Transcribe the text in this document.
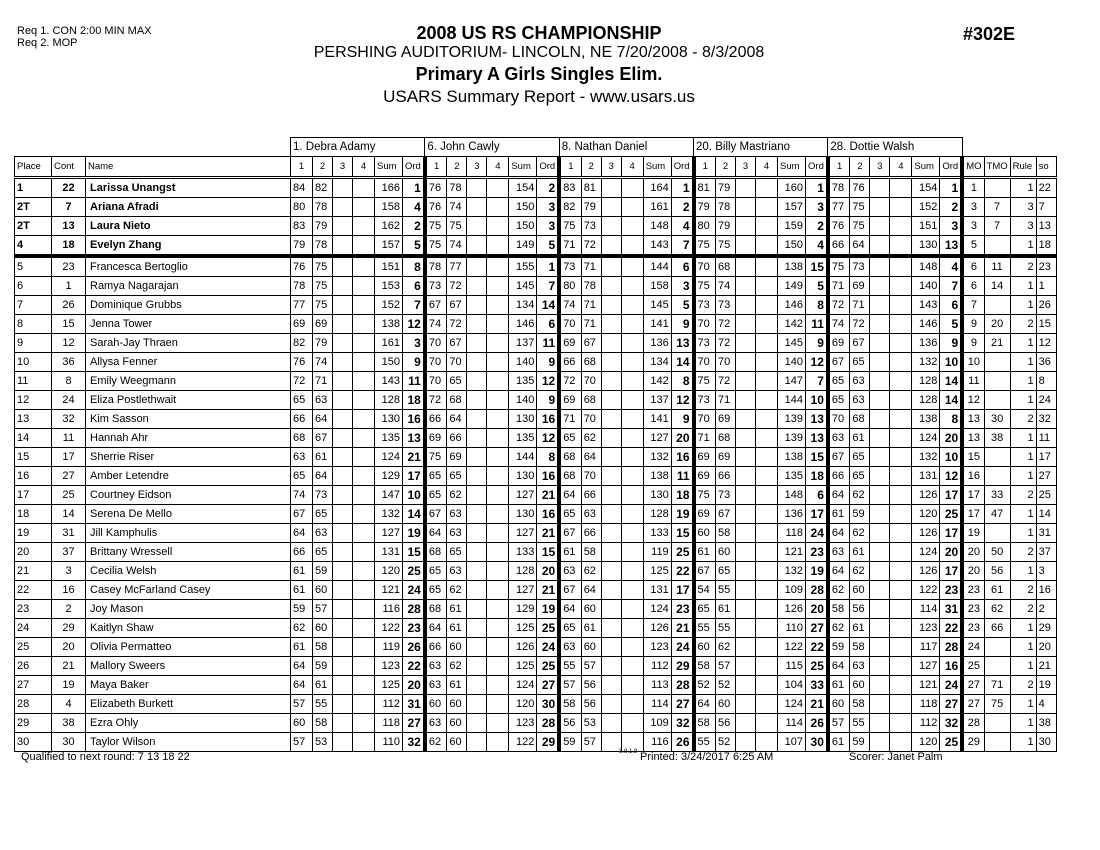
Req 1. CON 2:00 MIN MAX
Req 2. MOP	2008 US RS CHAMPIONSHIP
PERSHING AUDITORIUM- LINCOLN, NE 7/20/2008 - 8/3/2008
Primary A Girls Singles Elim.
USARS Summary Report - www.usars.us
#302E
			1. Debra Adamy						6. John Cawly						8. Nathan Daniel						20. Billy Mastriano						28. Dottie Walsh									
Place	Cont	Name	1	2	3	4	Sum	Ord	1	2	3	4	Sum	Ord	1	2	3	4	Sum	Ord	1	2	3	4	Sum	Ord	1	2	3	4	Sum	Ord	MO	TMO	Rule	so
1	22	Larissa Unangst	84	82			166	1	76	78			154	2	83	81			164	1	81	79			160	1	78	76			154	1	1		1	22
2T	7	Ariana Afradi	80	78			158	4	76	74			150	3	82	79			161	2	79	78			157	3	77	75			152	2	3	7	3	7
2T	13	Laura Nieto	83	79			162	2	75	75			150	3	75	73			148	4	80	79			159	2	76	75			151	3	3	7	3	13
4	18	Evelyn Zhang	79	78			157	5	75	74			149	5	71	72			143	7	75	75			150	4	66	64			130	13	5		1	18
5	23	Francesca Bertoglio	76	75			151	8	78	77			155	1	73	71			144	6	70	68			138	15	75	73			148	4	6	11	2	23
6	1	Ramya Nagarajan	78	75			153	6	73	72			145	7	80	78			158	3	75	74			149	5	71	69			140	7	6	14	1	1
7	26	Dominique Grubbs	77	75			152	7	67	67			134	14	74	71			145	5	73	73			146	8	72	71			143	6	7		1	26
8	15	Jenna Tower	69	69			138	12	74	72			146	6	70	71			141	9	70	72			142	11	74	72			146	5	9	20	2	15
9	12	Sarah-Jay Thraen	82	79			161	3	70	67			137	11	69	67			136	13	73	72			145	9	69	67			136	9	9	21	1	12
10	36	Allysa Fenner	76	74			150	9	70	70			140	9	66	68			134	14	70	70			140	12	67	65			132	10	10		1	36
11	8	Emily Weegmann	72	71			143	11	70	65			135	12	72	70			142	8	75	72			147	7	65	63			128	14	11		1	8
12	24	Eliza Postlethwait	65	63			128	18	72	68			140	9	69	68			137	12	73	71			144	10	65	63			128	14	12		1	24
13	32	Kim Sasson	66	64			130	16	66	64			130	16	71	70			141	9	70	69			139	13	70	68			138	8	13	30	2	32
14	11	Hannah Ahr	68	67			135	13	69	66			135	12	65	62			127	20	71	68			139	13	63	61			124	20	13	38	1	11
15	17	Sherrie Riser	63	61			124	21	75	69			144	8	68	64			132	16	69	69			138	15	67	65			132	10	15		1	17
16	27	Amber Letendre	65	64			129	17	65	65			130	16	68	70			138	11	69	66			135	18	66	65			131	12	16		1	27
17	25	Courtney Eidson	74	73			147	10	65	62			127	21	64	66			130	18	75	73			148	6	64	62			126	17	17	33	2	25
18	14	Serena De Mello	67	65			132	14	67	63			130	16	65	63			128	19	69	67			136	17	61	59			120	25	17	47	1	14
19	31	Jill Kamphulis	64	63			127	19	64	63			127	21	67	66			133	15	60	58			118	24	64	62			126	17	19		1	31
20	37	Brittany Wressell	66	65			131	15	68	65			133	15	61	58			119	25	61	60			121	23	63	61			124	20	20	50	2	37
21	3	Cecilia Welsh	61	59			120	25	65	63			128	20	63	62			125	22	67	65			132	19	64	62			126	17	20	56	1	3
22	16	Casey McFarland Casey	61	60			121	24	65	62			127	21	67	64			131	17	54	55			109	28	62	60			122	23	23	61	2	16
23	2	Joy Mason	59	57			116	28	68	61			129	19	64	60			124	23	65	61			126	20	58	56			114	31	23	62	2	2
24	29	Kaitlyn Shaw	62	60			122	23	64	61			125	25	65	61			126	21	55	55			110	27	62	61			123	22	23	66	1	29
25	20	Olivia Permatteo	61	58			119	26	66	60			126	24	63	60			123	24	60	62			122	22	59	58			117	28	24		1	20
26	21	Mallory Sweers	64	59			123	22	63	62			125	25	55	57			112	29	58	57			115	25	64	63			127	16	25		1	21
27	19	Maya Baker	64	61			125	20	63	61			124	27	57	56			113	28	52	52			104	33	61	60			121	24	27	71	2	19
28	4	Elizabeth Burkett	57	55			112	31	60	60			120	30	58	56			114	27	64	60			124	21	60	58			118	27	27	75	1	4
29	38	Ezra Ohly	60	58			118	27	63	60			123	28	56	53			109	32	58	56			114	26	57	55			112	32	28		1	38
30	30	Taylor Wilson	57	53			110	32	62	60			122	29	59	57			116	26	55	52			107	30	61	59			120	25	29		1	30
Qualified to next round: 7 13 18 22	3.8.1.8 Printed: 3/24/2017 6:25 AM	Scorer: Janet Palm
